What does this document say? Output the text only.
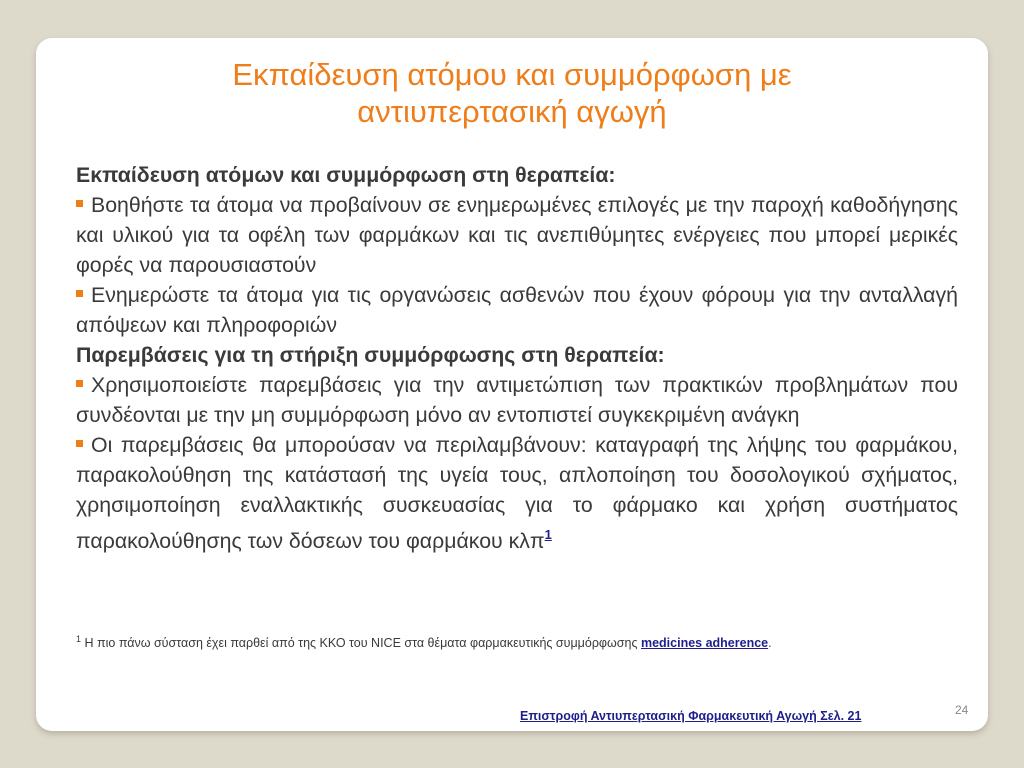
Εκπαίδευση ατόμου και συμμόρφωση με
αντιυπερτασική αγωγή

Εκπαίδευση ατόμων και συμμόρφωση στη θεραπεία:

Βοηθήστε τα άτομα να προβαίνουν σε ενημερωμένες επιλογές με την παροχή καθοδήγησης και υλικού για τα οφέλη των φαρμάκων και τις ανεπιθύμητες ενέργειες που μπορεί μερικές φορές να παρουσιαστούν

Ενημερώστε τα άτομα για τις οργανώσεις ασθενών που έχουν φόρουμ για την ανταλλαγή απόψεων και πληροφοριών

Παρεμβάσεις για τη στήριξη συμμόρφωσης στη θεραπεία:

Χρησιμοποιείστε παρεμβάσεις για την αντιμετώπιση των πρακτικών προβλημάτων που συνδέονται με την μη συμμόρφωση μόνο αν εντοπιστεί συγκεκριμένη ανάγκη

Οι παρεμβάσεις θα μπορούσαν να περιλαμβάνουν: καταγραφή της λήψης του φαρμάκου, παρακολούθηση της κατάστασή της υγεία τους, απλοποίηση του δοσολογικού σχήματος, χρησιμοποίηση εναλλακτικής συσκευασίας για το φάρμακο και χρήση συστήματος παρακολούθησης των δόσεων του φαρμάκου κλπ$^1$

$^1$ Η πιο πάνω σύσταση έχει παρθεί από της ΚΚΟ του NICE στα θέματα φαρμακευτικής συμμόρφωσης medicines adherence.
Επιστροφή Αντιυπερτασική Φαρμακευτική Αγωγή Σελ. 21	24
